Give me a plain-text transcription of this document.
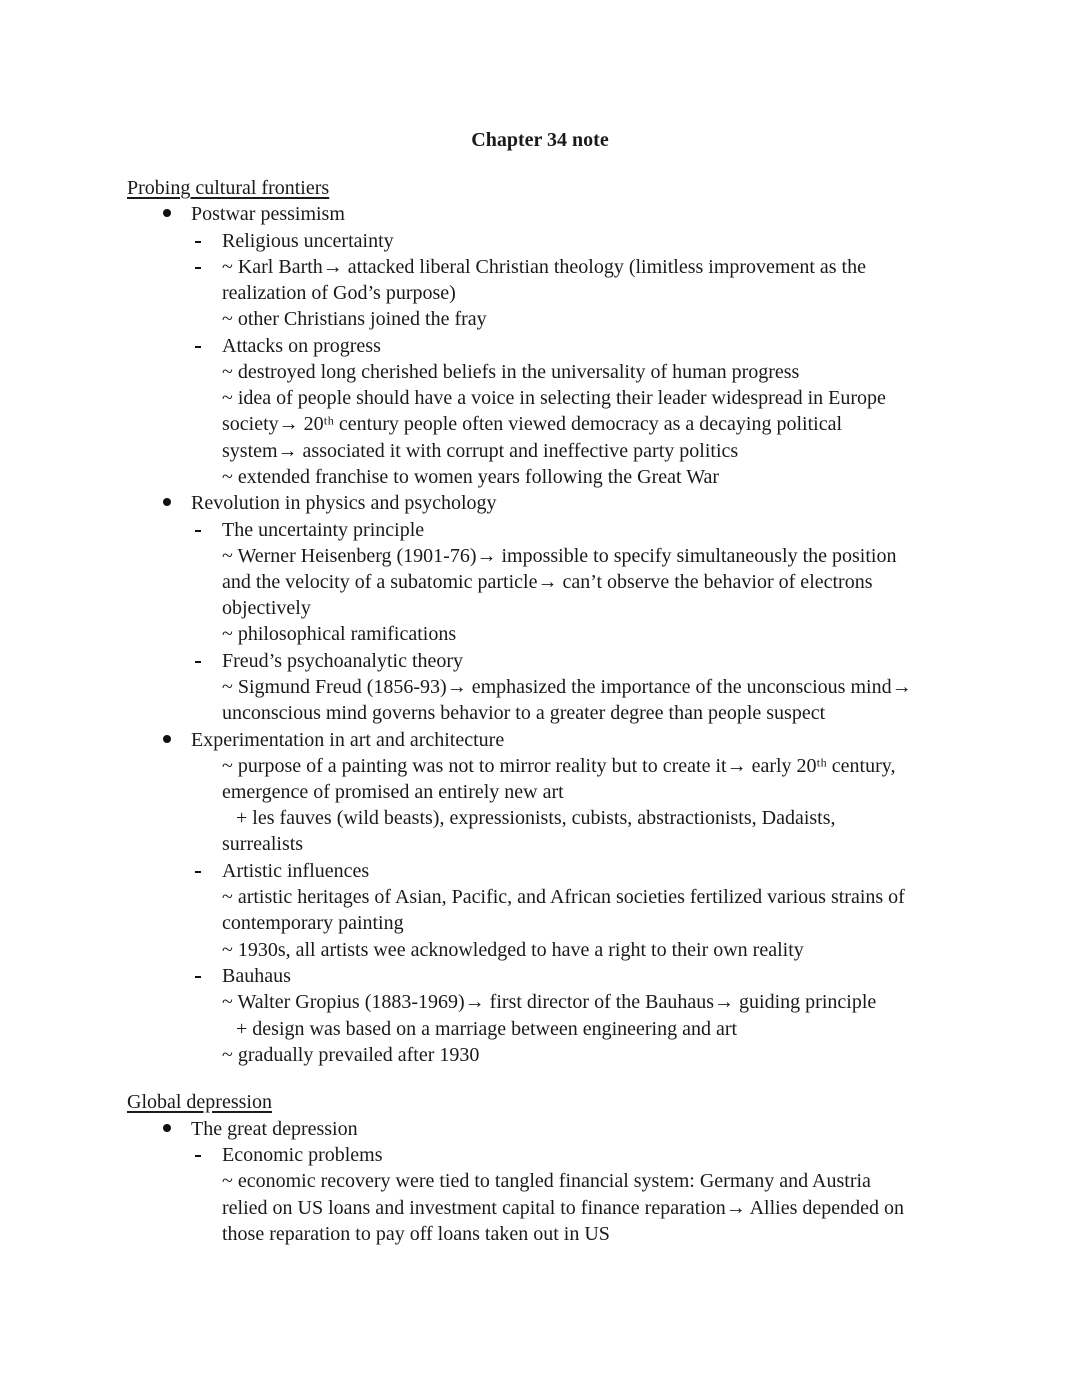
Chapter 34 note
Probing cultural frontiers
Postwar pessimism
Religious uncertainty
~ Karl Barth→ attacked liberal Christian theology (limitless improvement as the
realization of God’s purpose)
~ other Christians joined the fray
Attacks on progress
~ destroyed long cherished beliefs in the universality of human progress
~ idea of people should have a voice in selecting their leader widespread in Europe
society→ 20ᵗʰ century people often viewed democracy as a decaying political
system→ associated it with corrupt and ineffective party politics
~ extended franchise to women years following the Great War
Revolution in physics and psychology
The uncertainty principle
~ Werner Heisenberg (1901-76)→ impossible to specify simultaneously the position
and the velocity of a subatomic particle→ can’t observe the behavior of electrons
objectively
~ philosophical ramifications
Freud’s psychoanalytic theory
~ Sigmund Freud (1856-93)→ emphasized the importance of the unconscious mind→
unconscious mind governs behavior to a greater degree than people suspect
Experimentation in art and architecture
~ purpose of a painting was not to mirror reality but to create it→ early 20ᵗʰ century,
emergence of promised an entirely new art
+ les fauves (wild beasts), expressionists, cubists, abstractionists, Dadaists,
surrealists
Artistic influences
~ artistic heritages of Asian, Pacific, and African societies fertilized various strains of
contemporary painting
~ 1930s, all artists wee acknowledged to have a right to their own reality
Bauhaus
~ Walter Gropius (1883-1969)→ first director of the Bauhaus→ guiding principle
+ design was based on a marriage between engineering and art
~ gradually prevailed after 1930
Global depression
The great depression
Economic problems
~ economic recovery were tied to tangled financial system: Germany and Austria
relied on US loans and investment capital to finance reparation→ Allies depended on
those reparation to pay off loans taken out in US
